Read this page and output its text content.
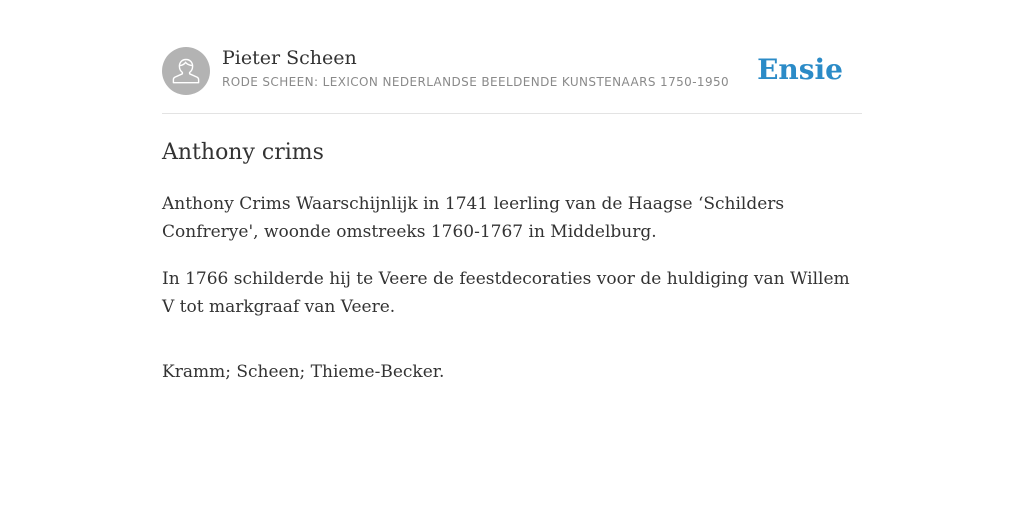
Pieter Scheen
RODE SCHEEN: LEXICON NEDERLANDSE BEELDENDE KUNSTENAARS 1750-1950 Ensie
Anthony crims

Anthony Crims Waarschijnlijk in 1741 leerling van de Haagse ‘Schilders Confrerye', woonde omstreeks 1760-1767 in Middelburg.

In 1766 schilderde hij te Veere de feestdecoraties voor de huldiging van Willem V tot markgraaf van Veere.

Kramm; Scheen; Thieme-Becker.
